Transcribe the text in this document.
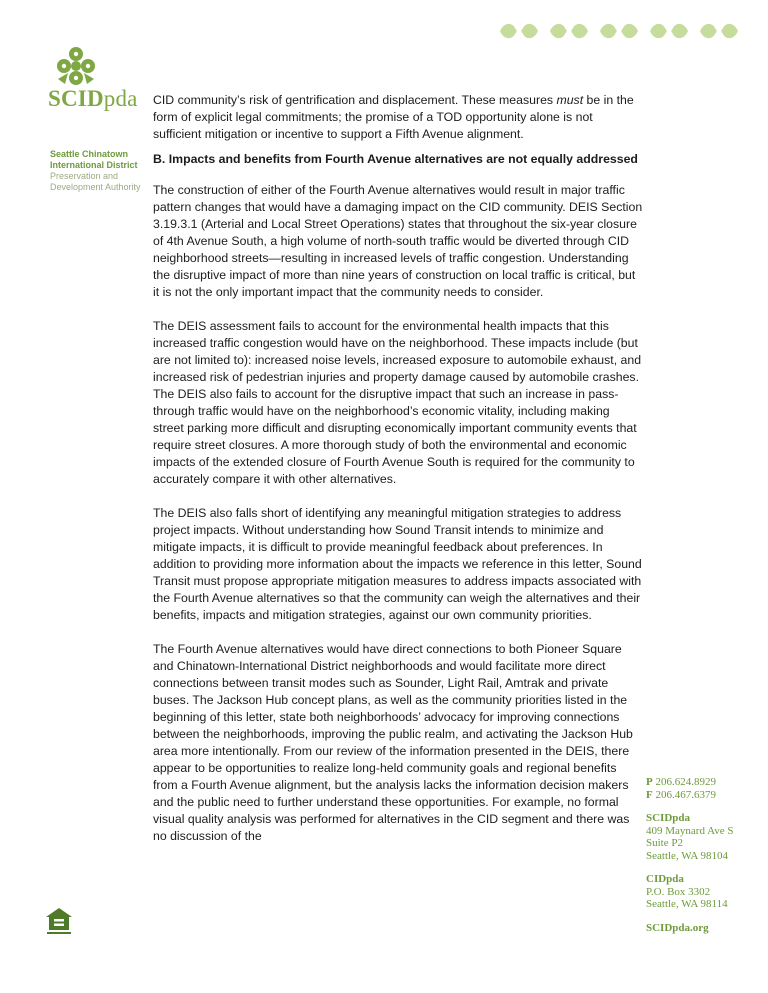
SCIDpda
Seattle Chinatown
International District
Preservation and
Development Authority

CID community’s risk of gentrification and displacement. These measures must be in the form of explicit legal commitments; the promise of a TOD opportunity alone is not sufficient mitigation or incentive to support a Fifth Avenue alignment.

B. Impacts and benefits from Fourth Avenue alternatives are not equally addressed

The construction of either of the Fourth Avenue alternatives would result in major traffic pattern changes that would have a damaging impact on the CID community. DEIS Section 3.19.3.1 (Arterial and Local Street Operations) states that throughout the six-year closure of 4th Avenue South, a high volume of north-south traffic would be diverted through CID neighborhood streets—resulting in increased levels of traffic congestion. Understanding the disruptive impact of more than nine years of construction on local traffic is critical, but it is not the only important impact that the community needs to consider.

The DEIS assessment fails to account for the environmental health impacts that this increased traffic congestion would have on the neighborhood. These impacts include (but are not limited to): increased noise levels, increased exposure to automobile exhaust, and increased risk of pedestrian injuries and property damage caused by automobile crashes. The DEIS also fails to account for the disruptive impact that such an increase in pass-through traffic would have on the neighborhood’s economic vitality, including making street parking more difficult and disrupting economically important community events that require street closures. A more thorough study of both the environmental and economic impacts of the extended closure of Fourth Avenue South is required for the community to accurately compare it with other alternatives.

The DEIS also falls short of identifying any meaningful mitigation strategies to address project impacts. Without understanding how Sound Transit intends to minimize and mitigate impacts, it is difficult to provide meaningful feedback about preferences. In addition to providing more information about the impacts we reference in this letter, Sound Transit must propose appropriate mitigation measures to address impacts associated with the Fourth Avenue alternatives so that the community can weigh the alternatives and their benefits, impacts and mitigation strategies, against our own community priorities.

The Fourth Avenue alternatives would have direct connections to both Pioneer Square and Chinatown-International District neighborhoods and would facilitate more direct connections between transit modes such as Sounder, Light Rail, Amtrak and private buses. The Jackson Hub concept plans, as well as the community priorities listed in the beginning of this letter, state both neighborhoods’ advocacy for improving connections between the neighborhoods, improving the public realm, and activating the Jackson Hub area more intentionally. From our review of the information presented in the DEIS, there appear to be opportunities to realize long-held community goals and regional benefits from a Fourth Avenue alignment, but the analysis lacks the information decision makers and the public need to further understand these opportunities. For example, no formal visual quality analysis was performed for alternatives in the CID segment and there was no discussion of the

P 206.624.8929
F 206.467.6379
SCIDpda
409 Maynard Ave S
Suite P2
Seattle, WA 98104
CIDpda
P.O. Box 3302
Seattle, WA 98114
SCIDpda.org
